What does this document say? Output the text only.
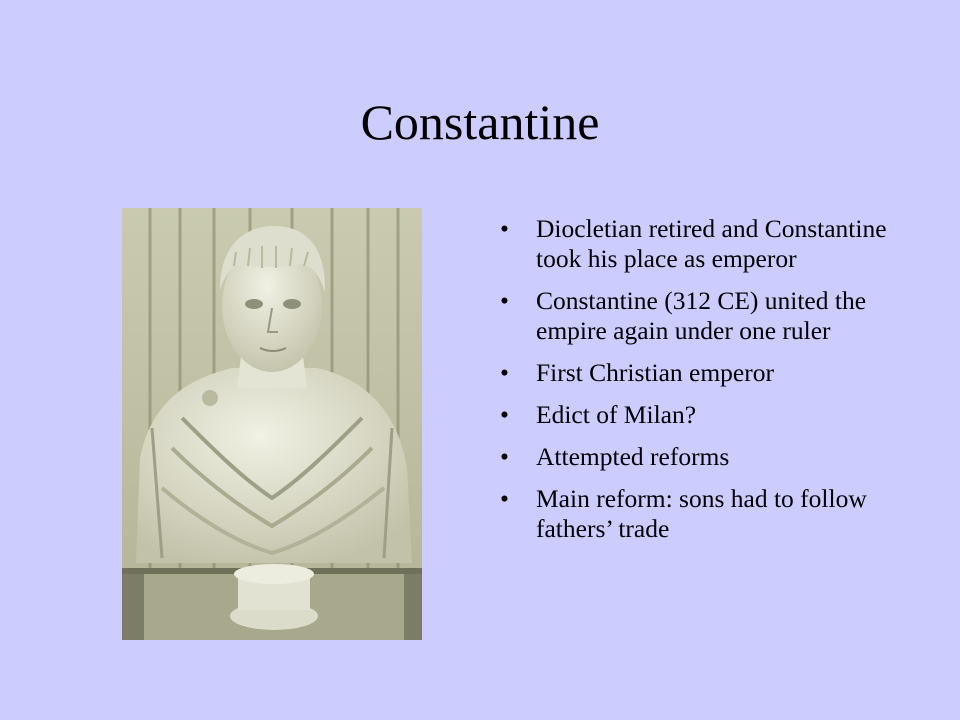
Constantine
• Diocletian retired and Constantine took his place as emperor
• Constantine (312 CE) united the empire again under one ruler
• First Christian emperor
• Edict of Milan?
• Attempted reforms
• Main reform: sons had to follow fathers’ trade
